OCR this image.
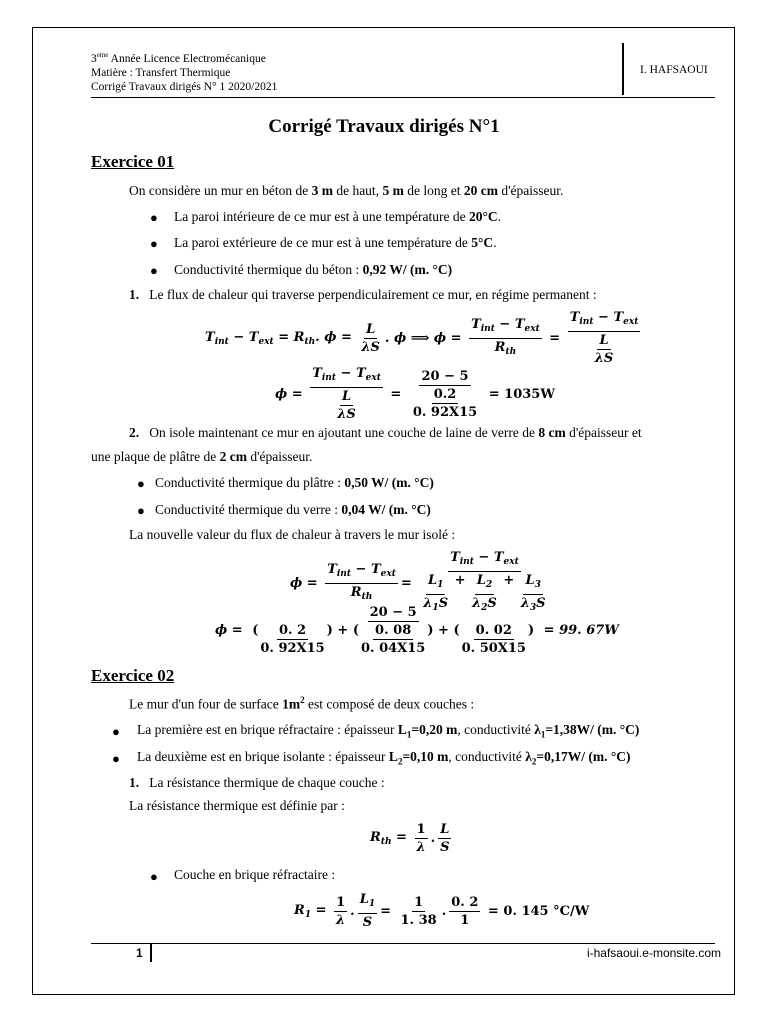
3eme Année Licence Electromécanique
Matière : Transfert Thermique
Corrigé Travaux dirigés N° 1 2020/2021
I. HAFSAOUI
Corrigé Travaux dirigés N°1
Exercice 01
On considère un mur en béton de 3 m de haut, 5 m de long et 20 cm d'épaisseur.
● La paroi intérieure de ce mur est à une température de 20°C.
● La paroi extérieure de ce mur est à une température de 5°C.
● Conductivité thermique du béton : 0,92 W/ (m. °C)
1. Le flux de chaleur qui traverse perpendiculairement ce mur, en régime permanent :
$T_{int} - T_{ext} = R_{th}$. $\phi = \frac{L}{\lambda S}$ . ϕ ⟹ $\phi = \frac{T_{int} - T_{ext}}{R_{th}} = \frac{T_{int} - T_{ext}}{\frac{L}{\lambda S}}$
$\phi = \frac{T_{int} - T_{ext}}{\frac{L}{\lambda S}} = \frac{20 - 5}{\frac{0.2}{0. 92X15}} = 1035W$
2. On isole maintenant ce mur en ajoutant une couche de laine de verre de 8 cm d'épaisseur et
une plaque de plâtre de 2 cm d'épaisseur.
● Conductivité thermique du plâtre : 0,50 W/ (m. °C)
● Conductivité thermique du verre : 0,04 W/ (m. °C)
La nouvelle valeur du flux de chaleur à travers le mur isolé :
$\phi = \frac{T_{int} - T_{ext}}{R_{th}} = \frac{T_{int} - T_{ext}}{\frac{L_1}{\lambda_1S} + \frac{L_2}{\lambda_2S} + \frac{L_3}{\lambda_3S}}$
ϕ =
20 − 5
( $\frac{0. 2}{0. 92X15}$ ) + ( $\frac{0. 08}{0. 04X15}$ ) + ( $\frac{0. 02}{0. 50X15}$ ) = 99. 67W
Exercice 02
Le mur d'un four de surface $1m^2$ est composé de deux couches :
● La première est en brique réfractaire : épaisseur $L_1=0,20$ m, conductivité $\lambda_1=1,38W/$ (m. °C)
● La deuxième est en brique isolante : épaisseur $L_2=0,10$ m, conductivité $\lambda_2=0,17W/$ (m. °C)
1. La résistance thermique de chaque couche :
La résistance thermique est définie par :
$R_{th} = \frac{1}{\lambda}$ . $\frac{L}{S}$
● Couche en brique réfractaire :
$R_1 = \frac{1}{\lambda}$ . $\frac{L_1}{S} = \frac{1}{1. 38}$ . $\frac{0. 2}{1} = 0$. 145 °C/W
1	i-hafsaoui.e-monsite.com
